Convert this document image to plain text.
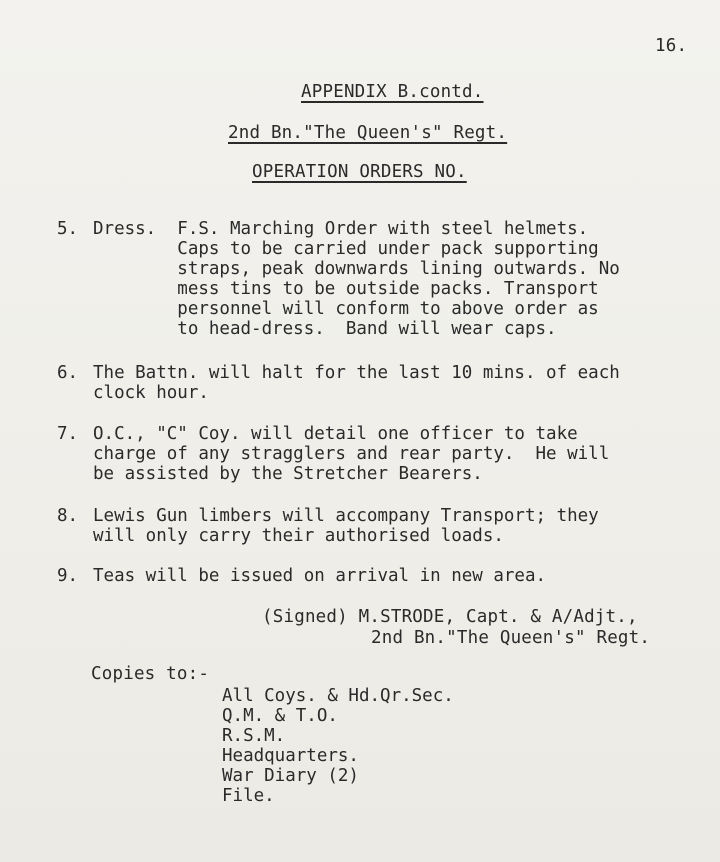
16.
APPENDIX B.contd.
2nd Bn."The Queen's" Regt.
OPERATION ORDERS NO.
5. Dress.  F.S. Marching Order with steel helmets.
Caps to be carried under pack supporting
straps, peak downwards lining outwards. No
mess tins to be outside packs. Transport
personnel will conform to above order as
to head-dress.  Band will wear caps.
6. The Battn. will halt for the last 10 mins. of each
clock hour.
7. O.C., "C" Coy. will detail one officer to take
charge of any stragglers and rear party.  He will
be assisted by the Stretcher Bearers.
8. Lewis Gun limbers will accompany Transport; they
will only carry their authorised loads.
9. Teas will be issued on arrival in new area.
(Signed) M.STRODE, Capt. & A/Adjt.,
2nd Bn."The Queen's" Regt.
Copies to:-
All Coys. & Hd.Qr.Sec.
Q.M. & T.O.
R.S.M.
Headquarters.
War Diary (2)
File.
